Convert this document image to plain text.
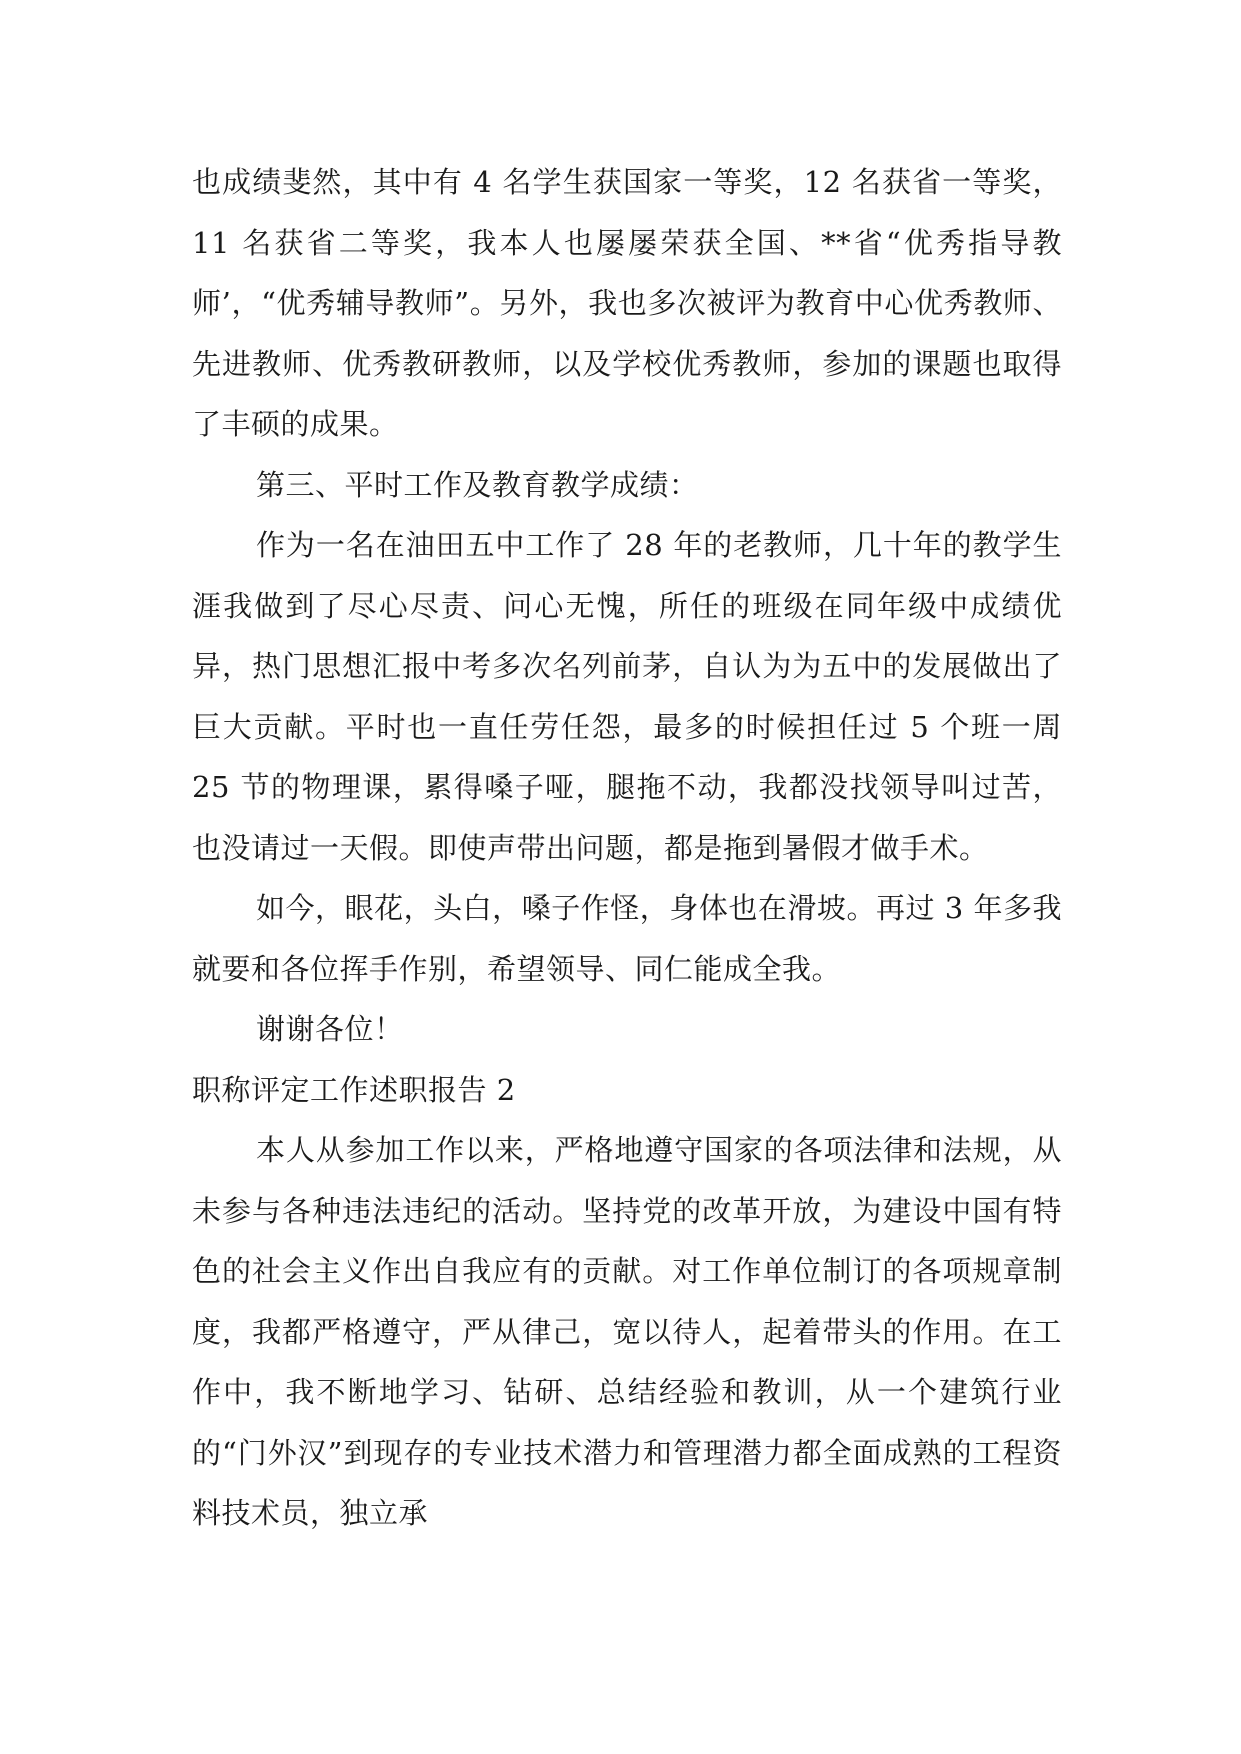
也成绩斐然，其中有 4 名学生获国家一等奖，12 名获省一等奖，11 名获省二等奖，我本人也屡屡荣获全国、**省“优秀指导教师’，“优秀辅导教师”。另外，我也多次被评为教育中心优秀教师、先进教师、优秀教研教师，以及学校优秀教师，参加的课题也取得了丰硕的成果。

第三、平时工作及教育教学成绩：

作为一名在油田五中工作了 28 年的老教师，几十年的教学生涯我做到了尽心尽责、问心无愧，所任的班级在同年级中成绩优异，热门思想汇报中考多次名列前茅，自认为为五中的发展做出了巨大贡献。平时也一直任劳任怨，最多的时候担任过 5 个班一周 25 节的物理课，累得嗓子哑，腿拖不动，我都没找领导叫过苦，也没请过一天假。即使声带出问题，都是拖到暑假才做手术。

如今，眼花，头白，嗓子作怪，身体也在滑坡。再过 3 年多我就要和各位挥手作别，希望领导、同仁能成全我。

谢谢各位！

职称评定工作述职报告 2

本人从参加工作以来，严格地遵守国家的各项法律和法规，从未参与各种违法违纪的活动。坚持党的改革开放，为建设中国有特色的社会主义作出自我应有的贡献。对工作单位制订的各项规章制度，我都严格遵守，严从律己，宽以待人，起着带头的作用。在工作中，我不断地学习、钻研、总结经验和教训，从一个建筑行业的“门外汉”到现存的专业技术潜力和管理潜力都全面成熟的工程资料技术员，独立承
